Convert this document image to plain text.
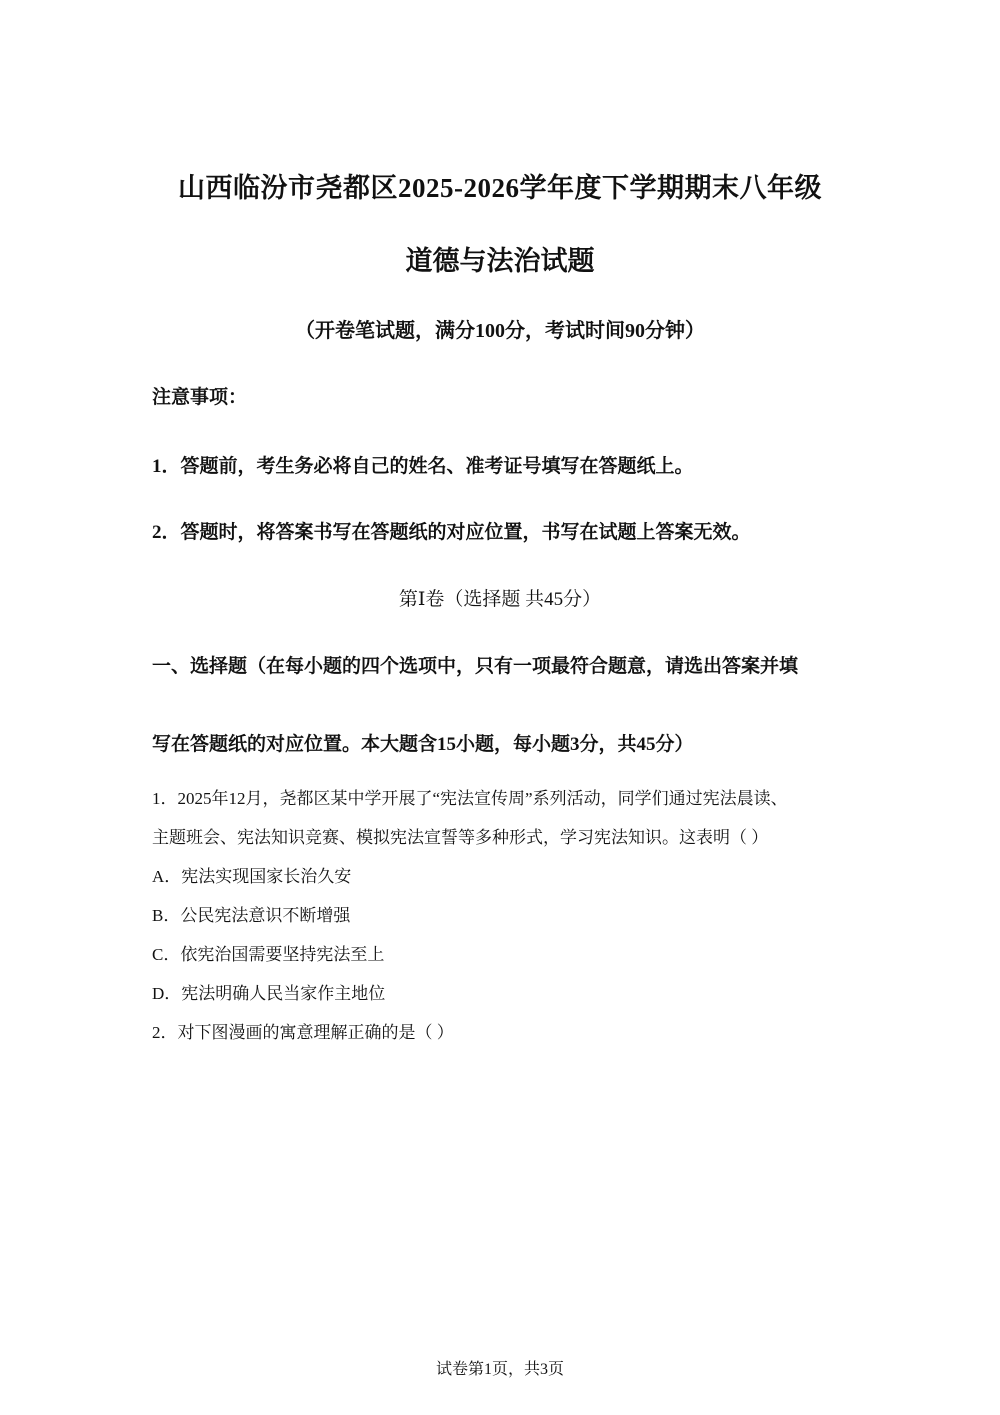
山西临汾市尧都区2025-2026学年度下学期期末八年级
道德与法治试题
（开卷笔试题，满分100分，考试时间90分钟）
注意事项：
1．答题前，考生务必将自己的姓名、准考证号填写在答题纸上。
2．答题时，将答案书写在答题纸的对应位置，书写在试题上答案无效。
第Ⅰ卷（选择题 共45分）
一、选择题（在每小题的四个选项中，只有一项最符合题意，请选出答案并填
写在答题纸的对应位置。本大题含15小题，每小题3分，共45分）
1．2025年12月，尧都区某中学开展了“宪法宣传周”系列活动，同学们通过宪法晨读、
主题班会、宪法知识竞赛、模拟宪法宣誓等多种形式，学习宪法知识。这表明（ ）
A．宪法实现国家长治久安
B．公民宪法意识不断增强
C．依宪治国需要坚持宪法至上
D．宪法明确人民当家作主地位
2．对下图漫画的寓意理解正确的是（ ）
试卷第1页，共3页
